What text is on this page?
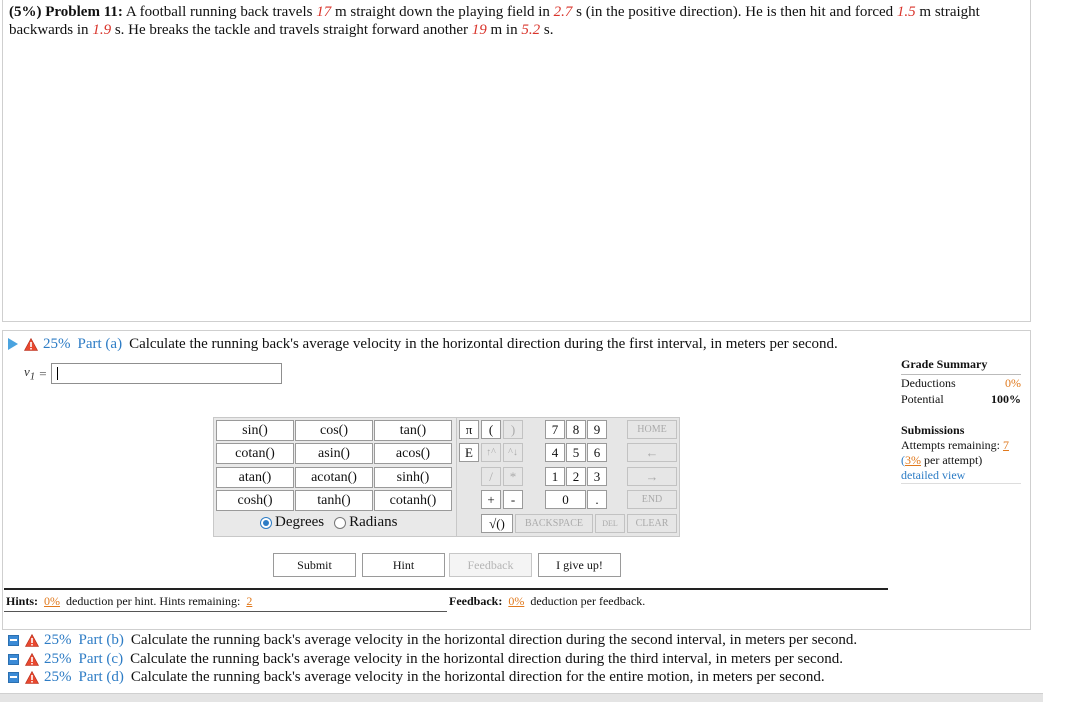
(5%) Problem 11: A football running back travels 17 m straight down the playing field in 2.7 s (in the positive direction). He is then hit and forced 1.5 m straight backwards in 1.9 s. He breaks the tackle and travels straight forward another 19 m in 5.2 s.
25% Part (a) Calculate the running back's average velocity in the horizontal direction during the first interval, in meters per second.
$v_1$ =
sin()	cos()	tan()
cotan()	asin()	acos()
atan()	acotan()	sinh()
cosh()	tanh()	cotanh()
Degrees Radians
π	(	)	7	8	9	HOME
E	↑^	^↓	4	5	6	←
/	*	1	2	3	→
+	-	0	.	END
√()	BACKSPACE	DEL	CLEAR
Submit	Hint	Feedback	I give up!
Hints: 0% deduction per hint. Hints remaining: 2	Feedback: 0% deduction per feedback.
Grade Summary
Deductions	0%
Potential	100%
Submissions
Attempts remaining: 7
(3% per attempt)
detailed view
25% Part (b) Calculate the running back's average velocity in the horizontal direction during the second interval, in meters per second.
25% Part (c) Calculate the running back's average velocity in the horizontal direction during the third interval, in meters per second.
25% Part (d) Calculate the running back's average velocity in the horizontal direction for the entire motion, in meters per second.
